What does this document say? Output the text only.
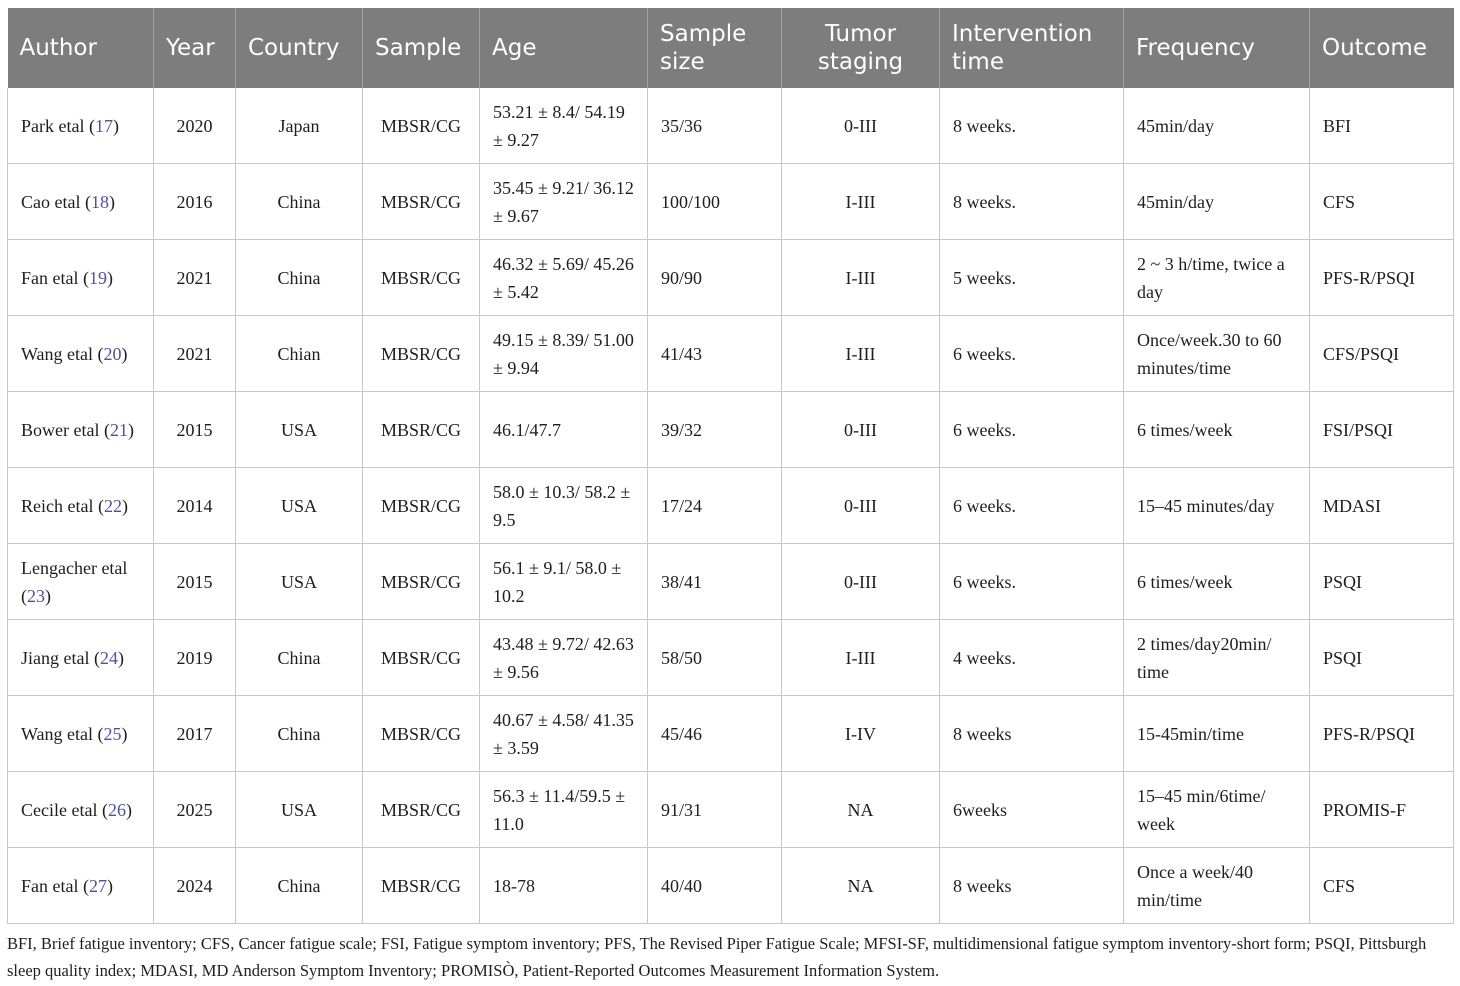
Author	Year	Country	Sample	Age	Sample size	Tumor staging	Intervention time	Frequency	Outcome
Park etal (17)	2020	Japan	MBSR/CG	53.21 ± 8.4/ 54.19 ± 9.27	35/36	0-III	8 weeks.	45min/day	BFI
Cao etal (18)	2016	China	MBSR/CG	35.45 ± 9.21/ 36.12 ± 9.67	100/100	I-III	8 weeks.	45min/day	CFS
Fan etal (19)	2021	China	MBSR/CG	46.32 ± 5.69/ 45.26 ± 5.42	90/90	I-III	5 weeks.	2 ~ 3 h/time, twice a day	PFS-R/PSQI
Wang etal (20)	2021	Chian	MBSR/CG	49.15 ± 8.39/ 51.00 ± 9.94	41/43	I-III	6 weeks.	Once/week.30 to 60 minutes/time	CFS/PSQI
Bower etal (21)	2015	USA	MBSR/CG	46.1/47.7	39/32	0-III	6 weeks.	6 times/week	FSI/PSQI
Reich etal (22)	2014	USA	MBSR/CG	58.0 ± 10.3/ 58.2 ± 9.5	17/24	0-III	6 weeks.	15–45 minutes/day	MDASI
Lengacher etal (23)	2015	USA	MBSR/CG	56.1 ± 9.1/ 58.0 ± 10.2	38/41	0-III	6 weeks.	6 times/week	PSQI
Jiang etal (24)	2019	China	MBSR/CG	43.48 ± 9.72/ 42.63 ± 9.56	58/50	I-III	4 weeks.	2 times/day20min/ time	PSQI
Wang etal (25)	2017	China	MBSR/CG	40.67 ± 4.58/ 41.35 ± 3.59	45/46	I-IV	8 weeks	15-45min/time	PFS-R/PSQI
Cecile etal (26)	2025	USA	MBSR/CG	56.3 ± 11.4/59.5 ± 11.0	91/31	NA	6weeks	15–45 min/6time/ week	PROMIS-F
Fan etal (27)	2024	China	MBSR/CG	18-78	40/40	NA	8 weeks	Once a week/40 min/time	CFS
BFI, Brief fatigue inventory; CFS, Cancer fatigue scale; FSI, Fatigue symptom inventory; PFS, The Revised Piper Fatigue Scale; MFSI-SF, multidimensional fatigue symptom inventory-short form; PSQI, Pittsburgh sleep quality index; MDASI, MD Anderson Symptom Inventory; PROMISÒ, Patient-Reported Outcomes Measurement Information System.
